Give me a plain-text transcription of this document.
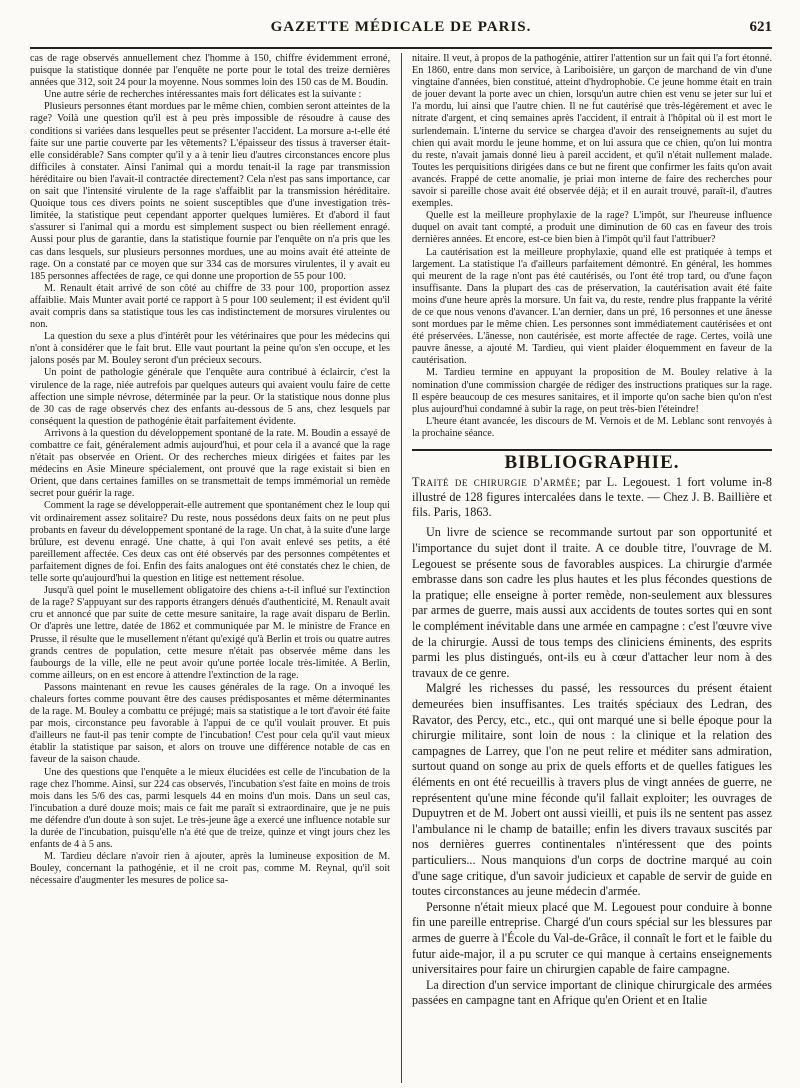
GAZETTE MÉDICALE DE PARIS.	621

cas de rage observés annuellement chez l'homme à 150, chiffre évidemment erroné, puisque la statistique donnée par l'enquête ne porte pour le total des treize dernières années que 312, soit 24 pour la moyenne. Nous sommes loin des 150 cas de M. Boudin.

Une autre série de recherches intéressantes mais fort délicates est la suivante :

Plusieurs personnes étant mordues par le même chien, combien seront atteintes de la rage? Voilà une question qu'il est à peu près impossible de résoudre à cause des conditions si variées dans lesquelles peut se présenter l'accident. La morsure a-t-elle été faite sur une partie couverte par les vêtements? L'épaisseur des tissus à traverser était-elle considérable? Sans compter qu'il y a à tenir lieu d'autres circonstances encore plus difficiles à constater. Ainsi l'animal qui a mordu tenait-il la rage par transmission héréditaire ou bien l'avait-il contractée directement? Cela n'est pas sans importance, car on sait que l'intensité virulente de la rage s'affaiblit par la transmission héréditaire. Quoique tous ces divers points ne soient susceptibles que d'une investigation très-limitée, la statistique peut cependant apporter quelques lumières. Et d'abord il faut s'assurer si l'animal qui a mordu est simplement suspect ou bien réellement enragé. Aussi pour plus de garantie, dans la statistique fournie par l'enquête on n'a pris que les cas dans lesquels, sur plusieurs personnes mordues, une au moins avait été atteinte de rage. On a constaté par ce moyen que sur 334 cas de morsures virulentes, il y avait eu 185 personnes affectées de rage, ce qui donne une proportion de 55 pour 100.

M. Renault était arrivé de son côté au chiffre de 33 pour 100, proportion assez affaiblie. Mais Munter avait porté ce rapport à 5 pour 100 seulement; il est évident qu'il avait compris dans sa statistique tous les cas indistinctement de morsures virulentes ou non.

La question du sexe a plus d'intérêt pour les vétérinaires que pour les médecins qui n'ont à considérer que le fait brut. Elle vaut pourtant la peine qu'on s'en occupe, et les jalons posés par M. Bouley seront d'un précieux secours.

Un point de pathologie générale que l'enquête aura contribué à éclaircir, c'est la virulence de la rage, niée autrefois par quelques auteurs qui avaient voulu faire de cette affection une simple névrose, déterminée par la peur. Or la statistique nous donne plus de 30 cas de rage observés chez des enfants au-dessous de 5 ans, chez lesquels par conséquent la question de pathogénie était parfaitement évidente.

Arrivons à la question du développement spontané de la rate. M. Boudin a essayé de combattre ce fait, généralement admis aujourd'hui, et pour cela il a avancé que la rage n'était pas observée en Orient. Or des recherches mieux dirigées et faites par les médecins en Asie Mineure spécialement, ont prouvé que la rage existait si bien en Orient, que dans certaines familles on se transmettait de temps immémorial un remède secret pour guérir la rage.

Comment la rage se développerait-elle autrement que spontanément chez le loup qui vit ordinairement assez solitaire? Du reste, nous possédons deux faits on ne peut plus probants en faveur du développement spontané de la rage. Un chat, à la suite d'une large brûlure, est devenu enragé. Une chatte, à qui l'on avait enlevé ses petits, a été pareillement affectée. Ces deux cas ont été observés par des personnes compétentes et parfaitement dignes de foi. Enfin des faits analogues ont été constatés chez le chien, de telle sorte qu'aujourd'hui la question en litige est nettement résolue.

Jusqu'à quel point le musellement obligatoire des chiens a-t-il influé sur l'extinction de la rage? S'appuyant sur des rapports étrangers dénués d'authenticité, M. Renault avait cru et annoncé que par suite de cette mesure sanitaire, la rage avait disparu de Berlin. Or d'après une lettre, datée de 1862 et communiquée par M. le ministre de France en Prusse, il résulte que le musellement n'étant qu'exigé qu'à Berlin et trois ou quatre autres grands centres de population, cette mesure n'était pas observée même dans les faubourgs de la ville, elle ne peut avoir qu'une portée locale très-limitée. A Berlin, comme ailleurs, on en est encore à attendre l'extinction de la rage.

Passons maintenant en revue les causes générales de la rage. On a invoqué les chaleurs fortes comme pouvant être des causes prédisposantes et même déterminantes de la rage. M. Bouley a combattu ce préjugé; mais sa statistique a le tort d'avoir été faite par mois, circonstance peu favorable à l'appui de ce qu'il voulait prouver. Et puis d'ailleurs ne faut-il pas tenir compte de l'incubation! C'est pour cela qu'il vaut mieux établir la statistique par saison, et alors on trouve une différence notable de cas en faveur de la saison chaude.

Une des questions que l'enquête a le mieux élucidées est celle de l'incubation de la rage chez l'homme. Ainsi, sur 224 cas observés, l'incubation s'est faite en moins de trois mois dans les 5/6 des cas, parmi lesquels 44 en moins d'un mois. Dans un seul cas, l'incubation a duré douze mois; mais ce fait me paraît si extraordinaire, que je ne puis me défendre d'un doute à son sujet. Le très-jeune âge a exercé une influence notable sur la durée de l'incubation, puisqu'elle n'a été que de treize, quinze et vingt jours chez les enfants de 4 à 5 ans.

M. Tardieu déclare n'avoir rien à ajouter, après la lumineuse exposition de M. Bouley, concernant la pathogénie, et il ne croit pas, comme M. Reynal, qu'il soit nécessaire d'augmenter les mesures de police sa-

nitaire. Il veut, à propos de la pathogénie, attirer l'attention sur un fait qui l'a fort étonné. En 1860, entre dans mon service, à Lariboisière, un garçon de marchand de vin d'une vingtaine d'années, bien constitué, atteint d'hydrophobie. Ce jeune homme était en train de jouer devant la porte avec un chien, lorsqu'un autre chien est venu se jeter sur lui et l'a mordu, lui ainsi que l'autre chien. Il ne fut cautérisé que très-légèrement et avec le nitrate d'argent, et cinq semaines après l'accident, il entrait à l'hôpital où il est mort le surlendemain. L'interne du service se chargea d'avoir des renseignements au sujet du chien qui avait mordu le jeune homme, et on lui assura que ce chien, qu'on lui montra du reste, n'avait jamais donné lieu à pareil accident, et qu'il n'était nullement malade. Toutes les perquisitions dirigées dans ce but ne firent que confirmer les faits qu'on avait avancés. Frappé de cette anomalie, je priai mon interne de faire des recherches pour savoir si pareille chose avait été observée déjà; et il en aurait trouvé, paraît-il, d'autres exemples.

Quelle est la meilleure prophylaxie de la rage? L'impôt, sur l'heureuse influence duquel on avait tant compté, a produit une diminution de 60 cas en faveur des trois dernières années. Et encore, est-ce bien bien à l'impôt qu'il faut l'attribuer?

La cautérisation est la meilleure prophylaxie, quand elle est pratiquée à temps et largement. La statistique l'a d'ailleurs parfaitement démontré. En général, les hommes qui meurent de la rage n'ont pas été cautérisés, ou l'ont été trop tard, ou d'une façon insuffisante. Dans la plupart des cas de préservation, la cautérisation avait été faite moins d'une heure après la morsure. Un fait va, du reste, rendre plus frappante la vérité de ce que nous venons d'avancer. L'an dernier, dans un pré, 16 personnes et une ânesse sont mordues par le même chien. Les personnes sont immédiatement cautérisées et ont été préservées. L'ânesse, non cautérisée, est morte affectée de rage. Certes, voilà une pauvre ânesse, a ajouté M. Tardieu, qui vient plaider éloquemment en faveur de la cautérisation.

M. Tardieu termine en appuyant la proposition de M. Bouley relative à la nomination d'une commission chargée de rédiger des instructions pratiques sur la rage. Il espère beaucoup de ces mesures sanitaires, et il importe qu'on sache bien qu'on n'est plus aujourd'hui condamné à subir la rage, on peut très-bien l'éteindre!

L'heure étant avancée, les discours de M. Vernois et de M. Leblanc sont renvoyés à la prochaine séance.

BIBLIOGRAPHIE.

Traité de chirurgie d'armée; par L. Legouest. 1 fort volume in-8 illustré de 128 figures intercalées dans le texte. — Chez J. B. Baillière et fils. Paris, 1863.

Un livre de science se recommande surtout par son opportunité et l'importance du sujet dont il traite. A ce double titre, l'ouvrage de M. Legouest se présente sous de favorables auspices. La chirurgie d'armée embrasse dans son cadre les plus hautes et les plus fécondes questions de la pratique; elle enseigne à porter remède, non-seulement aux blessures par armes de guerre, mais aussi aux accidents de toutes sortes qui en sont le complément inévitable dans une armée en campagne : c'est l'œuvre vive de la chirurgie. Aussi de tous temps des cliniciens éminents, des esprits parmi les plus distingués, ont-ils eu à cœur d'attacher leur nom à des travaux de ce genre.

Malgré les richesses du passé, les ressources du présent étaient demeurées bien insuffisantes. Les traités spéciaux des Ledran, des Ravator, des Percy, etc., etc., qui ont marqué une si belle époque pour la chirurgie militaire, sont loin de nous : la clinique et la relation des campagnes de Larrey, que l'on ne peut relire et méditer sans admiration, surtout quand on songe au prix de quels efforts et de quelles fatigues les éléments en ont été recueillis à travers plus de vingt années de guerre, ne représentent qu'une mine féconde qu'il fallait exploiter; les ouvrages de Dupuytren et de M. Jobert ont aussi vieilli, et puis ils ne sentent pas assez l'ambulance ni le champ de bataille; enfin les divers travaux suscités par nos dernières guerres continentales n'intéressent que des points particuliers... Nous manquions d'un corps de doctrine marqué au coin d'une sage critique, d'un savoir judicieux et capable de servir de guide en toutes circonstances au jeune médecin d'armée.

Personne n'était mieux placé que M. Legouest pour conduire à bonne fin une pareille entreprise. Chargé d'un cours spécial sur les blessures par armes de guerre à l'École du Val-de-Grâce, il connaît le fort et le faible du futur aide-major, il a pu scruter ce qui manque à certains enseignements universitaires pour faire un chirurgien capable de faire campagne.

La direction d'un service important de clinique chirurgicale des armées passées en campagne tant en Afrique qu'en Orient et en Italie
